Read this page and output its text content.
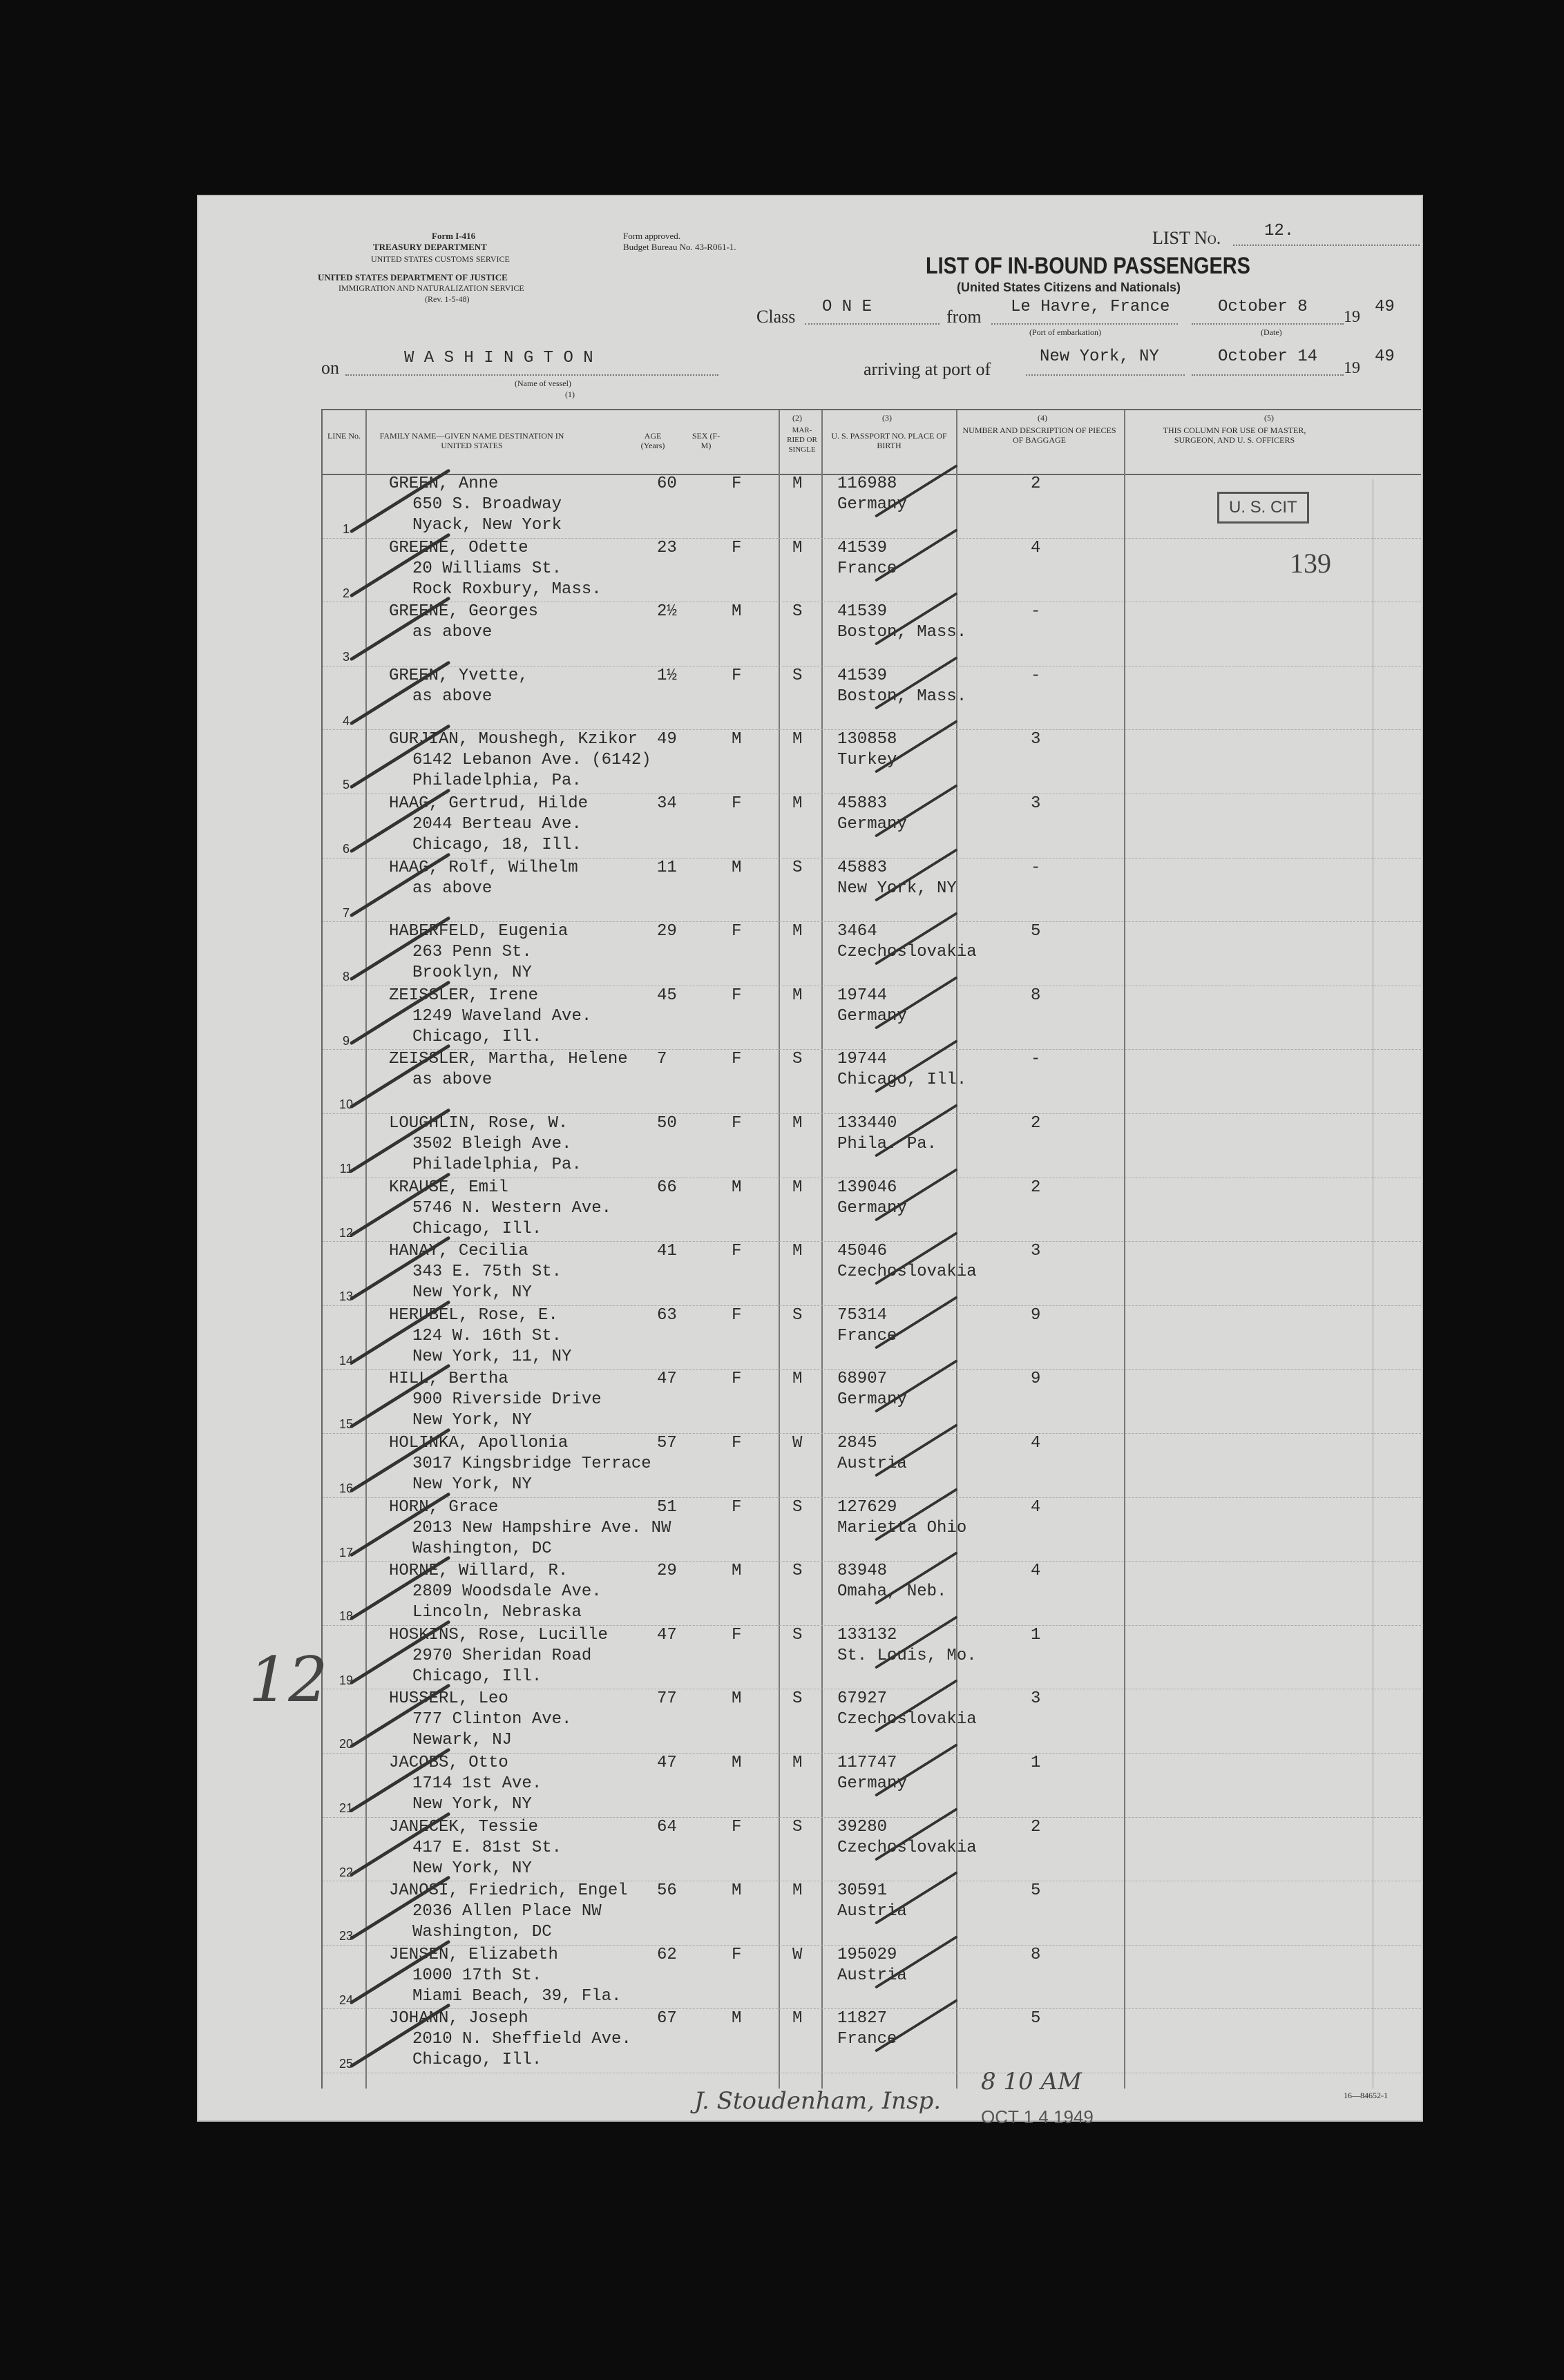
Form I-416
TREASURY DEPARTMENT
UNITED STATES CUSTOMS SERVICE
UNITED STATES DEPARTMENT OF JUSTICE
IMMIGRATION AND NATURALIZATION SERVICE
(Rev. 1-5-48)
Form approved.
Budget Bureau No. 43-R061-1.	LIST No.	12.
LIST OF IN-BOUND PASSENGERS
(United States Citizens and Nationals)
Class O N E	from Le Havre, France
(Port of embarkation)
October 8
19
49
(Date)
on	W A S H I N G T O N
(Name of vessel)
(1)
arriving at port of
New York, NY	October 14
19
49
LINE No.	FAMILY NAME—GIVEN NAME DESTINATION IN UNITED STATES
AGE (Years)
SEX (F-M)
MAR-RIED OR SINGLE
U. S. PASSPORT NO. PLACE OF BIRTH
NUMBER AND DESCRIPTION OF PIECES OF BAGGAGE
THIS COLUMN FOR USE OF MASTER, SURGEON, AND U. S. OFFICERS
(2)	(3)	(4)	(5)
1
GREEN, Anne
650 S. Broadway
Nyack, New York
60	F	M 116988
Germany
2
2
GREENE, Odette
20 Williams St.
Rock Roxbury, Mass.
23	F	M 41539
France
4
3
GREENE, Georges
as above
2½	M	S 41539
Boston, Mass.
-
4
GREEN, Yvette,
as above
1½	F	S 41539
Boston, Mass.
-
5
GURJIAN, Moushegh, Kzikor
6142 Lebanon Ave. (6142)
Philadelphia, Pa.
49	M	M 130858
Turkey
3
6
HAAG, Gertrud, Hilde
2044 Berteau Ave.
Chicago, 18, Ill.
34	F	M 45883
Germany
3
7
HAAG, Rolf, Wilhelm
as above
11	M	S 45883
New York, NY
-
8
HABERFELD, Eugenia
263 Penn St.
Brooklyn, NY
29	F	M 3464
Czechoslovakia
5
9
ZEISSLER, Irene
1249 Waveland Ave.
Chicago, Ill.
45	F	M 19744
Germany
8
10
ZEISSLER, Martha, Helene
as above
7	F	S 19744
Chicago, Ill.
-
11
LOUGHLIN, Rose, W.
3502 Bleigh Ave.
Philadelphia, Pa.
50	F	M 133440
Phila. Pa.
2
12
KRAUSE, Emil
5746 N. Western Ave.
Chicago, Ill.
66	M	M 139046
Germany
2
13
HANAY, Cecilia
343 E. 75th St.
New York, NY
41	F	M 45046
Czechoslovakia
3
14
HERUBEL, Rose, E.
124 W. 16th St.
New York, 11, NY
63	F	S 75314
France
9
15
HILL, Bertha
900 Riverside Drive
New York, NY
47	F	M 68907
Germany
9
16
HOLINKA, Apollonia
3017 Kingsbridge Terrace
New York, NY
57	F	W 2845
Austria
4
17
HORN, Grace
2013 New Hampshire Ave. NW
Washington, DC
51	F	S 127629
Marietta Ohio
4
18
HORNE, Willard, R.
2809 Woodsdale Ave.
Lincoln, Nebraska
29	M	S 83948
Omaha, Neb.
4
19
HOSKINS, Rose, Lucille
2970 Sheridan Road
Chicago, Ill.
47	F	S 133132
St. Louis, Mo.
1
20
HUSSERL, Leo
777 Clinton Ave.
Newark, NJ
77	M	S 67927
Czechoslovakia
3
21
JACOBS, Otto
1714 1st Ave.
New York, NY
47	M	M 117747
Germany
1
22
JANECEK, Tessie
417 E. 81st St.
New York, NY
64	F	S 39280
Czechoslovakia
2
23
JANOSI, Friedrich, Engel
2036 Allen Place NW
Washington, DC
56	M	M 30591
Austria
5
24
JENSEN, Elizabeth
1000 17th St.
Miami Beach, 39, Fla.
62	F	W 195029
Austria
8
25
JOHANN, Joseph
2010 N. Sheffield Ave.
Chicago, Ill.
67	M	M 11827
France
5
U. S. CIT
139
J. Stoudenham, Insp.
8 10 AM
OCT 1 4 1949
16—84652-1
12
